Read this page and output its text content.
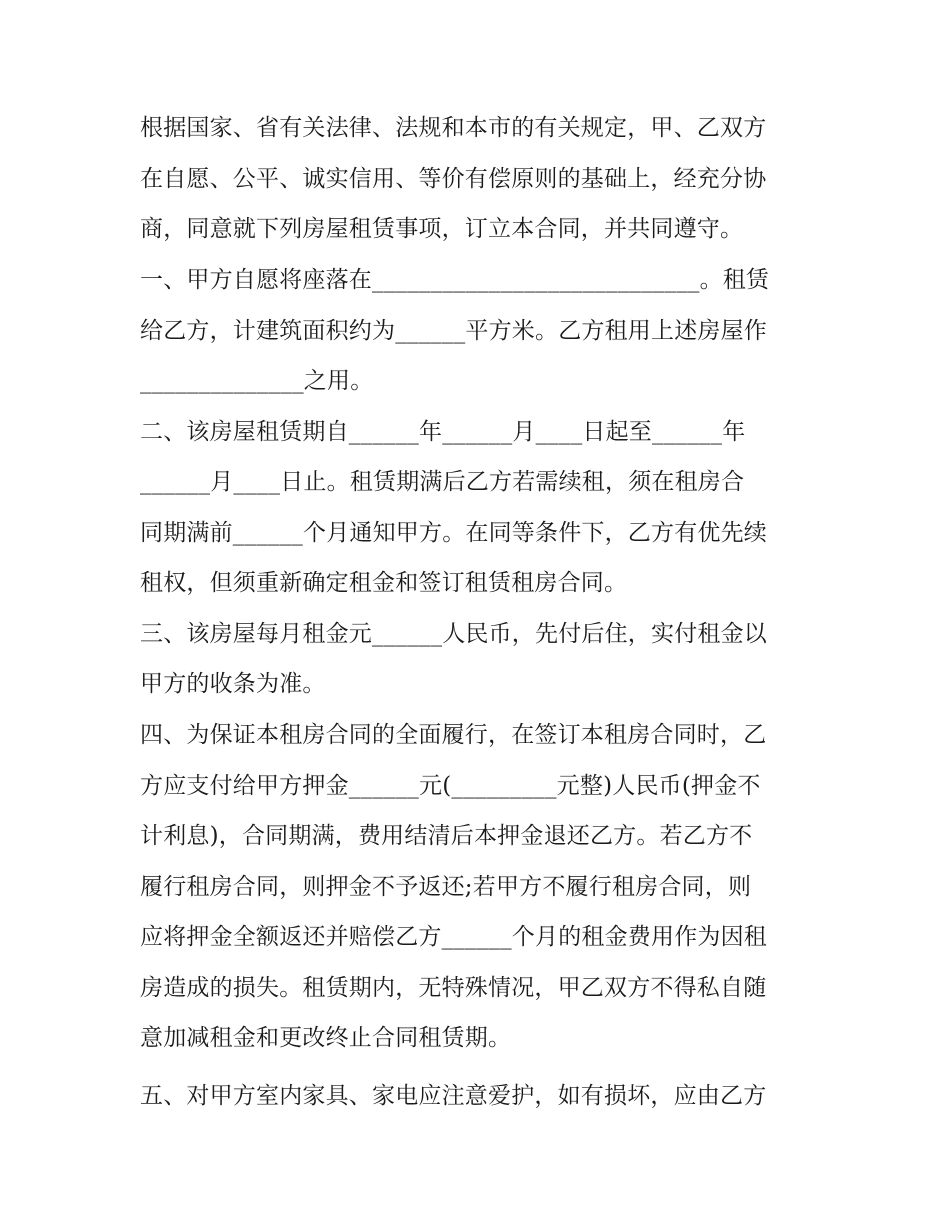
根据国家、省有关法律、法规和本市的有关规定，甲、乙双方
在自愿、公平、诚实信用、等价有偿原则的基础上，经充分协
商，同意就下列房屋租赁事项，订立本合同，并共同遵守。
一、甲方自愿将座落在____________________________。租赁
给乙方，计建筑面积约为______平方米。乙方租用上述房屋作
______________之用。
二、该房屋租赁期自______年______月____日起至______年
______月____日止。租赁期满后乙方若需续租，须在租房合
同期满前______个月通知甲方。在同等条件下，乙方有优先续
租权，但须重新确定租金和签订租赁租房合同。
三、该房屋每月租金元______人民币，先付后住，实付租金以
甲方的收条为准。
四、为保证本租房合同的全面履行，在签订本租房合同时，乙
方应支付给甲方押金______元(_________元整)人民币(押金不
计利息)，合同期满，费用结清后本押金退还乙方。若乙方不
履行租房合同，则押金不予返还;若甲方不履行租房合同，则
应将押金全额返还并赔偿乙方______个月的租金费用作为因租
房造成的损失。租赁期内，无特殊情况，甲乙双方不得私自随
意加减租金和更改终止合同租赁期。
五、对甲方室内家具、家电应注意爱护，如有损坏，应由乙方
